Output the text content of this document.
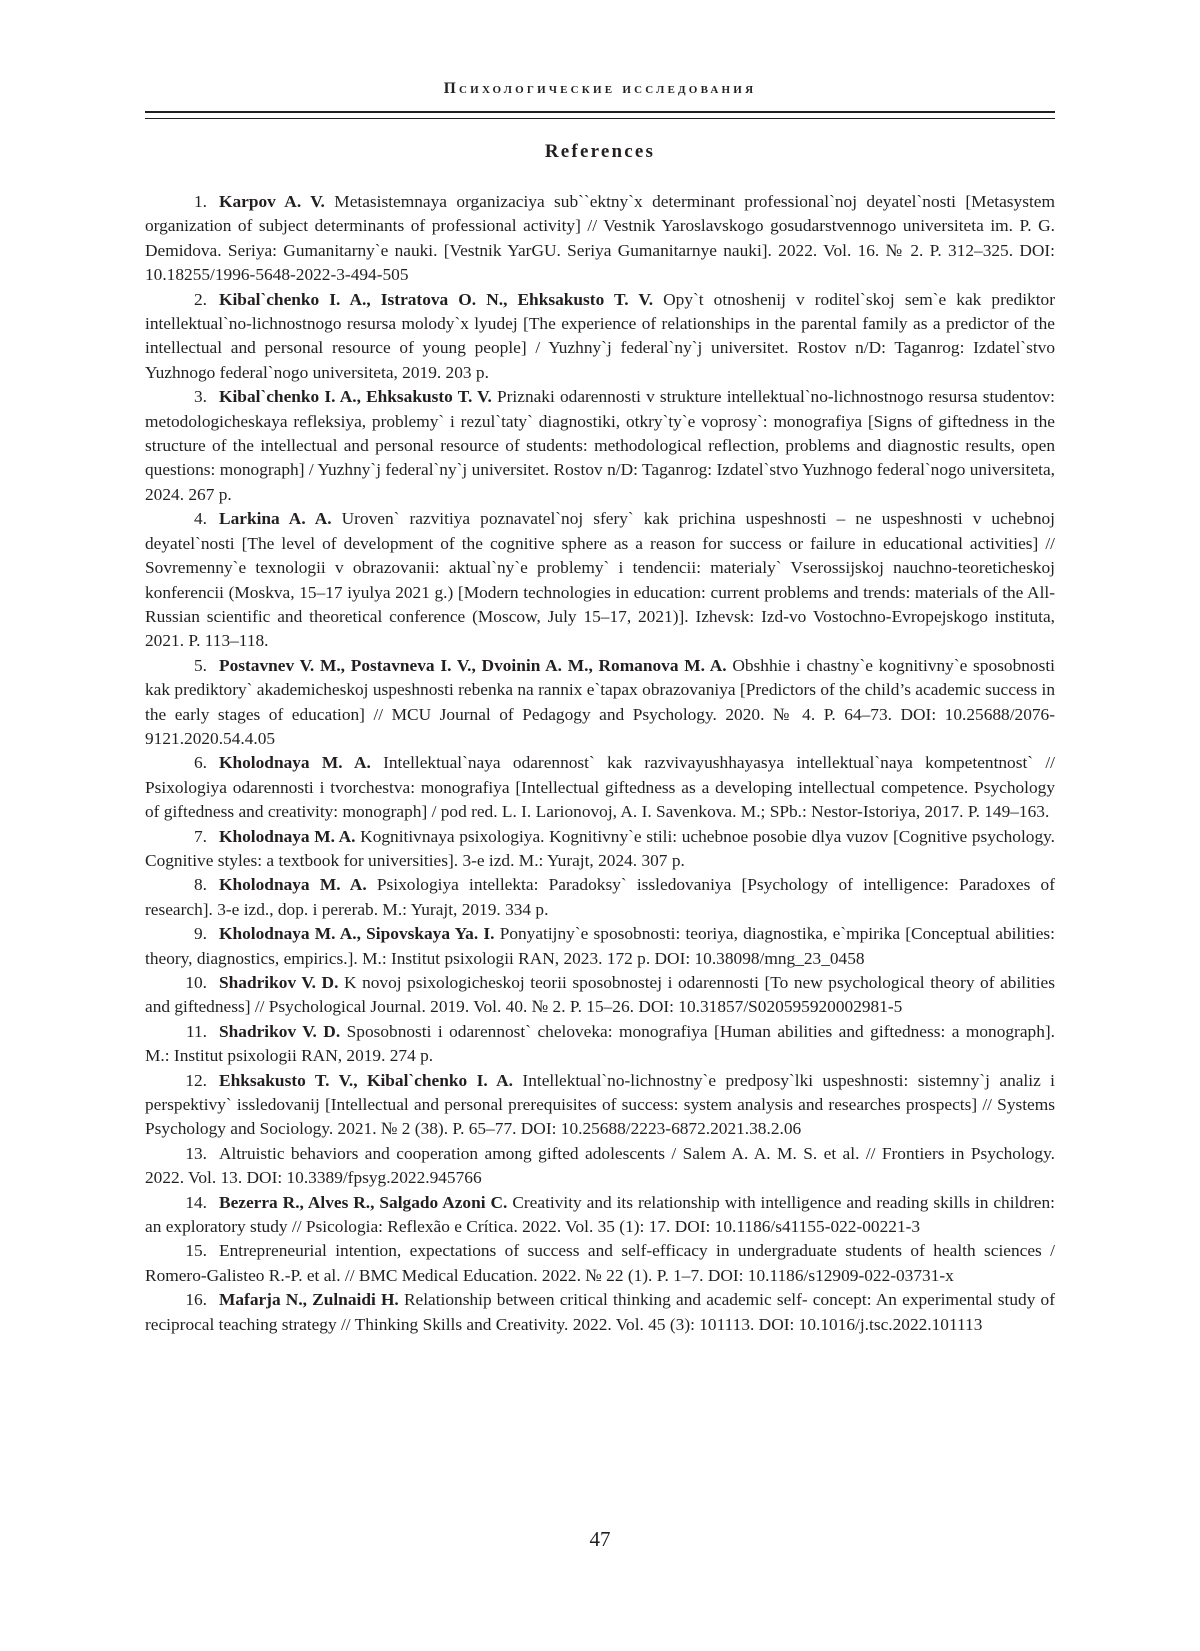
Психологические исследования
References
1. Karpov A. V. Metasistemnaya organizaciya sub``ektny`x determinant professional`noj deyatel`nosti [Metasystem organization of subject determinants of professional activity] // Vestnik Yaroslavskogo gosudarstvennogo universiteta im. P. G. Demidova. Seriya: Gumanitarny`e nauki. [Vestnik YarGU. Seriya Gumanitarnye nauki]. 2022. Vol. 16. № 2. P. 312–325. DOI: 10.18255/1996-5648-2022-3-494-505
2. Kibal`chenko I. A., Istratova O. N., Ehksakusto T. V. Opy`t otnoshenij v roditel`skoj sem`e kak prediktor intellektual`no-lichnostnogo resursa molody`x lyudej [The experience of relationships in the parental family as a predictor of the intellectual and personal resource of young people] / Yuzhny`j federal`ny`j universitet. Rostov n/D: Taganrog: Izdatel`stvo Yuzhnogo federal`nogo universiteta, 2019. 203 p.
3. Kibal`chenko I. A., Ehksakusto T. V. Priznaki odarennosti v strukture intellektual`no-lichnostnogo resursa studentov: metodologicheskaya refleksiya, problemy` i rezul`taty` diagnostiki, otkry`ty`e voprosy`: monografiya [Signs of giftedness in the structure of the intellectual and personal resource of students: methodological reflection, problems and diagnostic results, open questions: monograph] / Yuzhny`j federal`ny`j universitet. Rostov n/D: Taganrog: Izdatel`stvo Yuzhnogo federal`nogo universiteta, 2024. 267 p.
4. Larkina A. A. Uroven` razvitiya poznavatel`noj sfery` kak prichina uspeshnosti – ne uspeshnosti v uchebnoj deyatel`nosti [The level of development of the cognitive sphere as a reason for success or failure in educational activities] // Sovremenny`e texnologii v obrazovanii: aktual`ny`e problemy` i tendencii: materialy` Vserossijskoj nauchno-teoreticheskoj konferencii (Moskva, 15–17 iyulya 2021 g.) [Modern technologies in education: current problems and trends: materials of the All-Russian scientific and theoretical conference (Moscow, July 15–17, 2021)]. Izhevsk: Izd-vo Vostochno-Evropejskogo instituta, 2021. P. 113–118.
5. Postavnev V. M., Postavneva I. V., Dvoinin A. M., Romanova M. A. Obshhie i chastny`e kognitivny`e sposobnosti kak prediktory` akademicheskoj uspeshnosti rebenka na rannix e`tapax obrazovaniya [Predictors of the child’s academic success in the early stages of education] // MCU Journal of Pedagogy and Psychology. 2020. № 4. P. 64–73. DOI: 10.25688/2076-9121.2020.54.4.05
6. Kholodnaya M. A. Intellektual`naya odarennost` kak razvivayushhayasya intellektual`naya kompetentnost` // Psixologiya odarennosti i tvorchestva: monografiya [Intellectual giftedness as a developing intellectual competence. Psychology of giftedness and creativity: monograph] / pod red. L. I. Larionovoj, A. I. Savenkova. M.; SPb.: Nestor-Istoriya, 2017. P. 149–163.
7. Kholodnaya M. A. Kognitivnaya psixologiya. Kognitivny`e stili: uchebnoe posobie dlya vuzov [Cognitive psychology. Cognitive styles: a textbook for universities]. 3-e izd. M.: Yurajt, 2024. 307 p.
8. Kholodnaya M. A. Psixologiya intellekta: Paradoksy` issledovaniya [Psychology of intelligence: Paradoxes of research]. 3-e izd., dop. i pererab. M.: Yurajt, 2019. 334 p.
9. Kholodnaya M. A., Sipovskaya Ya. I. Ponyatijny`e sposobnosti: teoriya, diagnostika, e`mpirika [Conceptual abilities: theory, diagnostics, empirics.]. M.: Institut psixologii RAN, 2023. 172 p. DOI: 10.38098/mng_23_0458
10. Shadrikov V. D. K novoj psixologicheskoj teorii sposobnostej i odarennosti [To new psychological theory of abilities and giftedness] // Psychological Journal. 2019. Vol. 40. № 2. P. 15–26. DOI: 10.31857/S020595920002981-5
11. Shadrikov V. D. Sposobnosti i odarennost` cheloveka: monografiya [Human abilities and giftedness: a monograph]. M.: Institut psixologii RAN, 2019. 274 p.
12. Ehksakusto T. V., Kibal`chenko I. A. Intellektual`no-lichnostny`e predposy`lki uspeshnosti: sistemny`j analiz i perspektivy` issledovanij [Intellectual and personal prerequisites of success: system analysis and researches prospects] // Systems Psychology and Sociology. 2021. № 2 (38). P. 65–77. DOI: 10.25688/2223-6872.2021.38.2.06
13. Altruistic behaviors and cooperation among gifted adolescents / Salem A. A. M. S. et al. // Frontiers in Psychology. 2022. Vol. 13. DOI: 10.3389/fpsyg.2022.945766
14. Bezerra R., Alves R., Salgado Azoni C. Creativity and its relationship with intelligence and reading skills in children: an exploratory study // Psicologia: Reflexão e Crítica. 2022. Vol. 35 (1): 17. DOI: 10.1186/s41155-022-00221-3
15. Entrepreneurial intention, expectations of success and self-efficacy in undergraduate students of health sciences / Romero-Galisteo R.-P. et al. // BMC Medical Education. 2022. № 22 (1). P. 1–7. DOI: 10.1186/s12909-022-03731-x
16. Mafarja N., Zulnaidi H. Relationship between critical thinking and academic self- concept: An experimental study of reciprocal teaching strategy // Thinking Skills and Creativity. 2022. Vol. 45 (3): 101113. DOI: 10.1016/j.tsc.2022.101113
47
